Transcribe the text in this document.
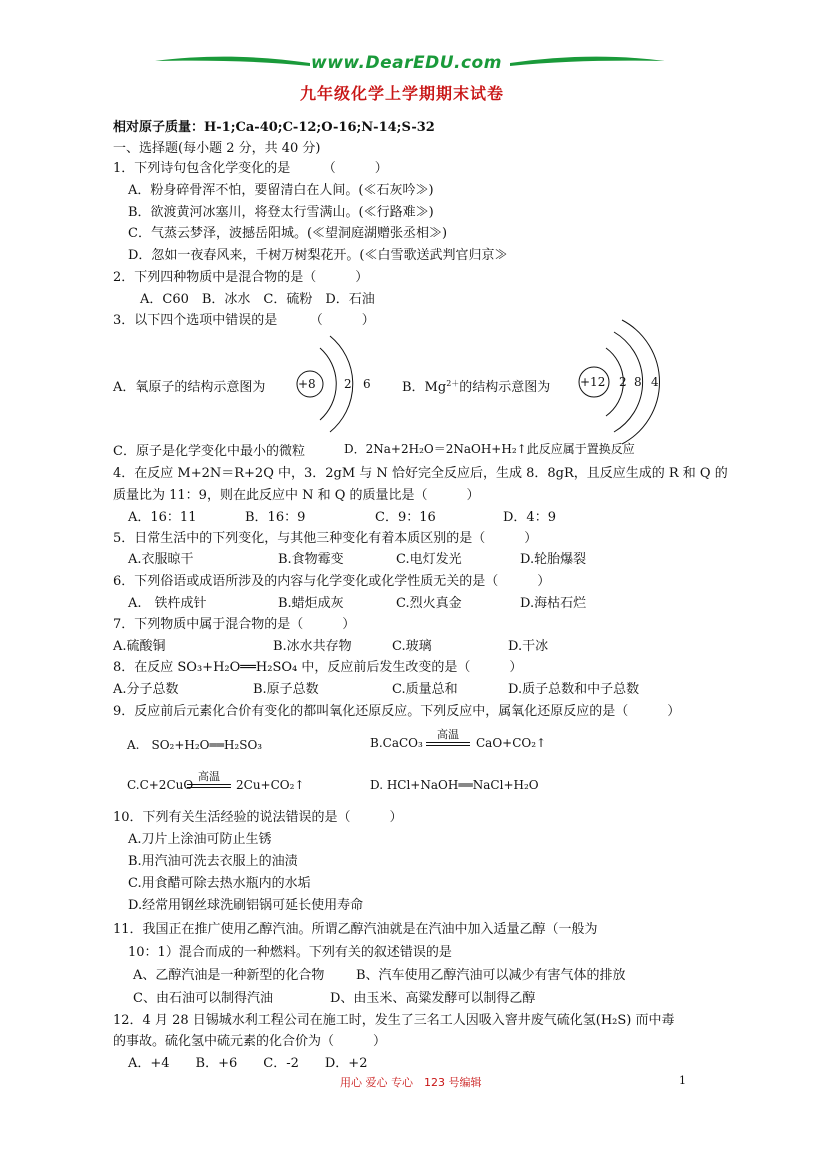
www.DearEDU.com
九年级化学上学期期末试卷
相对原子质量：H-1;Ca-40;C-12;O-16;N-14;S-32
一、选择题(每小题 2 分，共 40 分)
1．下列诗句包含化学变化的是　　　（　　　）
A．粉身碎骨浑不怕，要留清白在人间。(≪石灰吟≫)
B．欲渡黄河冰塞川，将登太行雪满山。(≪行路难≫)
C．气蒸云梦泽，波撼岳阳城。(≪望洞庭湖赠张丞相≫)
D．忽如一夜春风来，千树万树梨花开。(≪白雪歌送武判官归京≫
2．下列四种物质中是混合物的是（　　　）
A．C60　B．冰水　C．硫粉　D．石油
3．以下四个选项中错误的是　　　（　　　）
+8 2 6
A．氧原子的结构示意图为	B．$Mg^{2+}$的结构示意图为 +12 2 8 4
C．原子是化学变化中最小的微粒	D．2Na+2H₂O＝2NaOH+H₂↑此反应属于置换反应
4．在反应 M+2N＝R+2Q 中，3．2gM 与 N 恰好完全反应后，生成 8．8gR，且反应生成的 R 和 Q 的
质量比为 11：9，则在此反应中 N 和 Q 的质量比是（　　　）
A．16：11	B．16：9	C．9：16	D．4：9
5．日常生活中的下列变化，与其他三种变化有着本质区别的是（　　　）
A.衣服晾干	B.食物霉变	C.电灯发光	D.轮胎爆裂
6．下列俗语或成语所涉及的内容与化学变化或化学性质无关的是（　　　）
A.　铁杵成针	B.蜡炬成灰	C.烈火真金	D.海枯石烂
7．下列物质中属于混合物的是（　　　）
A.硫酸铜	B.冰水共存物	C.玻璃	D.干冰
8．在反应 SO₃+H₂O══H₂SO₄ 中，反应前后发生改变的是（　　　）
A.分子总数	B.原子总数	C.质量总和	D.质子总数和中子总数
9．反应前后元素化合价有变化的都叫氧化还原反应。下列反应中，属氧化还原反应的是（　　　）
A.　SO₂+H₂O══H₂SO₃	B.CaCO₃
高温
CaO+CO₂↑
C.C+2CuO
高温
2Cu+CO₂↑	D. HCl+NaOH══NaCl+H₂O
10．下列有关生活经验的说法错误的是（　　　）
A.刀片上涂油可防止生锈
B.用汽油可洗去衣服上的油渍
C.用食醋可除去热水瓶内的水垢
D.经常用钢丝球洗刷铝锅可延长使用寿命
11．我国正在推广使用乙醇汽油。所谓乙醇汽油就是在汽油中加入适量乙醇（一般为
10：1）混合而成的一种燃料。下列有关的叙述错误的是
A、乙醇汽油是一种新型的化合物 B、汽车使用乙醇汽油可以减少有害气体的排放
C、由石油可以制得汽油	D、由玉米、高粱发酵可以制得乙醇
12．4 月 28 日锡城水利工程公司在施工时，发生了三名工人因吸入窨井废气硫化氢(H₂S) 而中毒
的事故。硫化氢中硫元素的化合价为（　　　）
A．+4　　B．+6　　C．-2　　D．+2
用心 爱心 专心　123 号编辑	1
